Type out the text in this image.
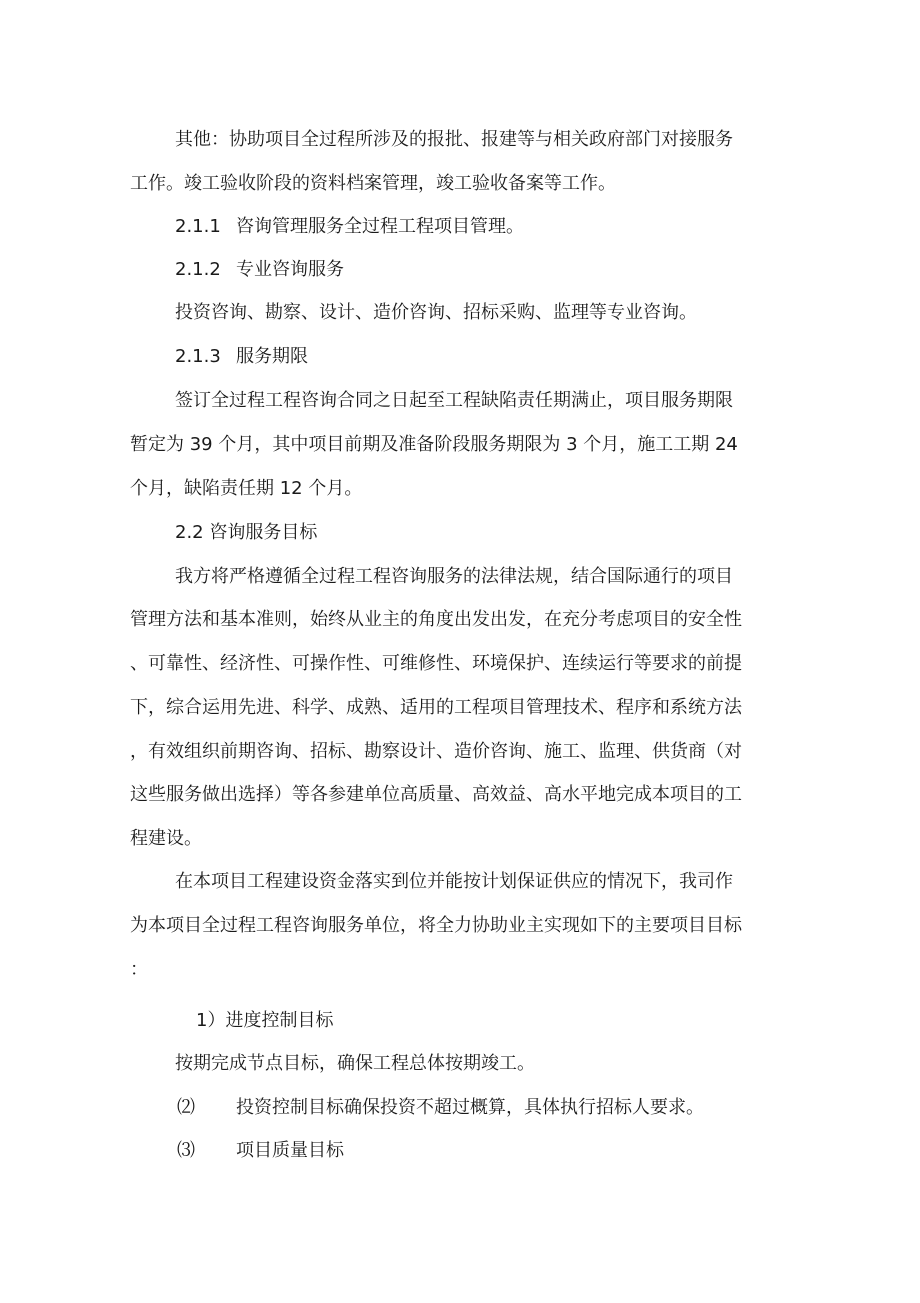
其他：协助项目全过程所涉及的报批、报建等与相关政府部门对接服务
工作。竣工验收阶段的资料档案管理，竣工验收备案等工作。
2.1.1 咨询管理服务全过程工程项目管理。
2.1.2 专业咨询服务
投资咨询、勘察、设计、造价咨询、招标采购、监理等专业咨询。
2.1.3 服务期限
签订全过程工程咨询合同之日起至工程缺陷责任期满止，项目服务期限
暂定为 39 个月，其中项目前期及准备阶段服务期限为 3 个月，施工工期 24
个月，缺陷责任期 12 个月。
2.2 咨询服务目标
我方将严格遵循全过程工程咨询服务的法律法规，结合国际通行的项目
管理方法和基本准则，始终从业主的角度出发出发，在充分考虑项目的安全性
、可靠性、经济性、可操作性、可维修性、环境保护、连续运行等要求的前提
下，综合运用先进、科学、成熟、适用的工程项目管理技术、程序和系统方法
，有效组织前期咨询、招标、勘察设计、造价咨询、施工、监理、供货商（对
这些服务做出选择）等各参建单位高质量、高效益、高水平地完成本项目的工
程建设。
在本项目工程建设资金落实到位并能按计划保证供应的情况下，我司作
为本项目全过程工程咨询服务单位，将全力协助业主实现如下的主要项目目标
：
1）进度控制目标
按期完成节点目标，确保工程总体按期竣工。
⑵ 投资控制目标确保投资不超过概算，具体执行招标人要求。
⑶ 项目质量目标
